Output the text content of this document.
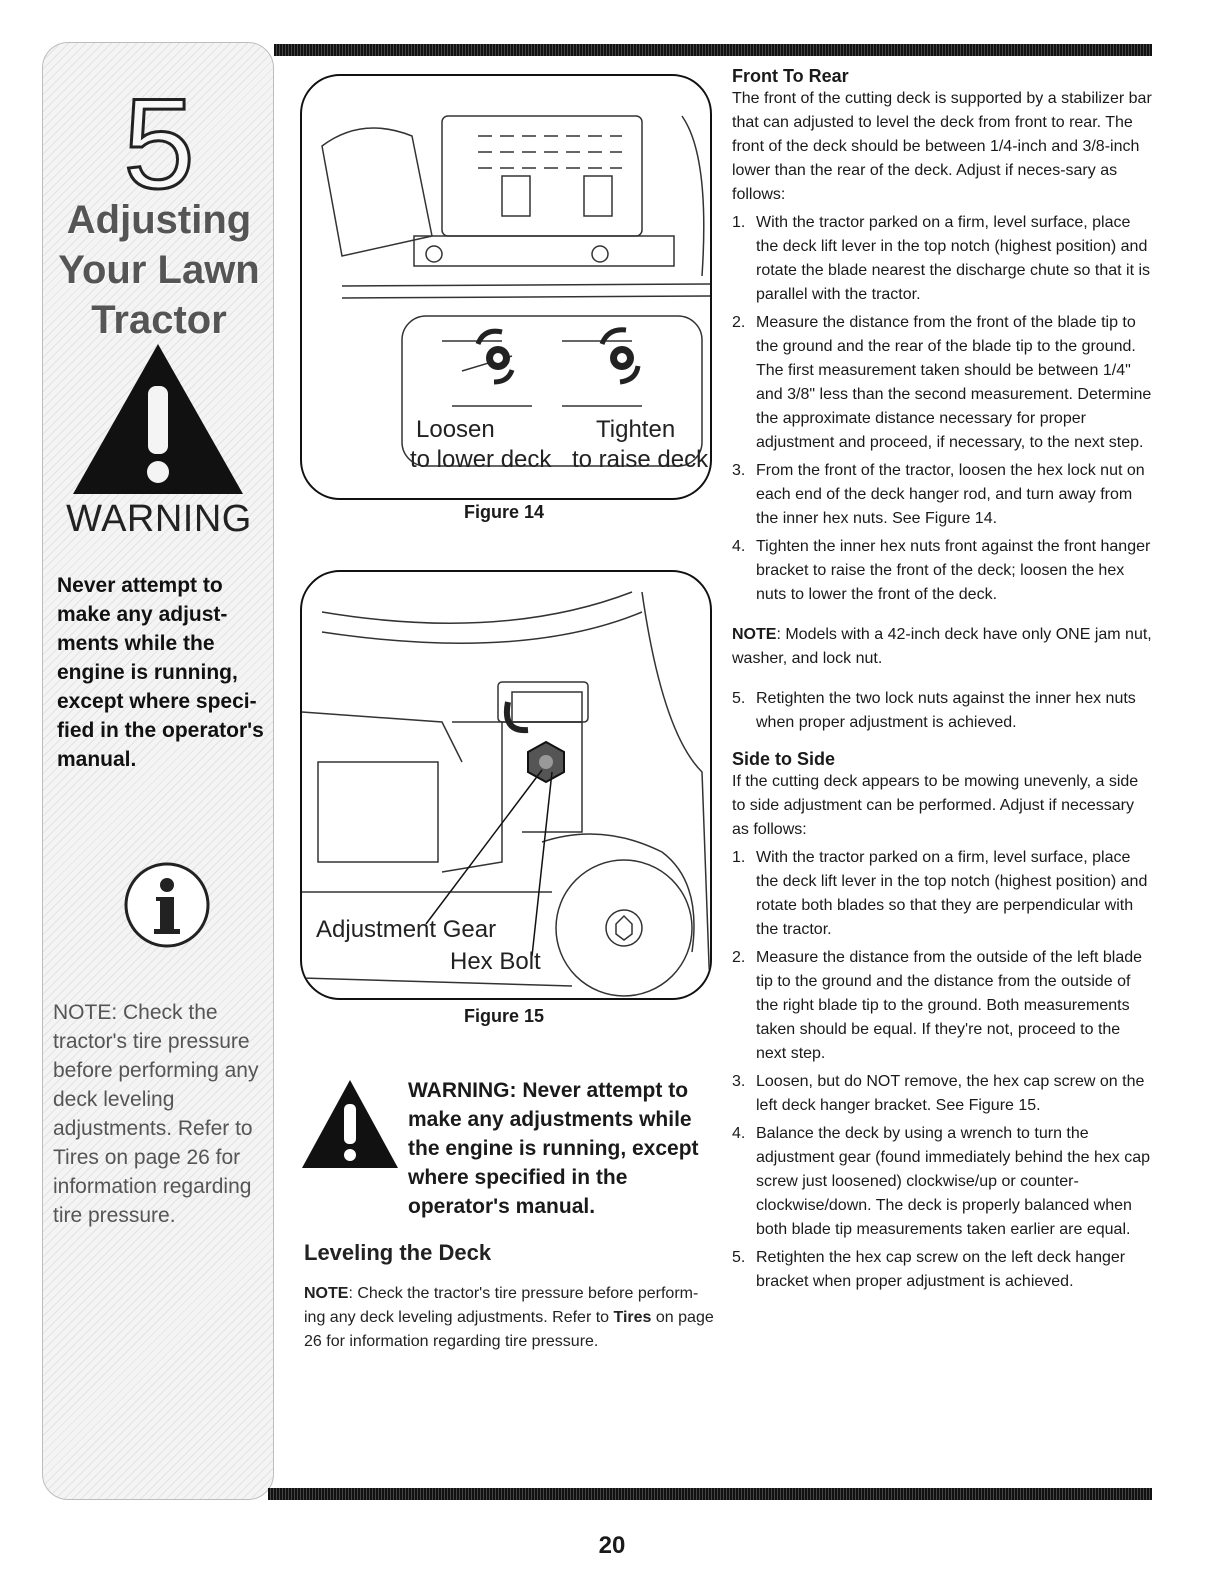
5
Adjusting
Your Lawn
Tractor
WARNING
Never attempt to make any adjust-ments while the engine is running, except where speci-fied in the operator's manual.
NOTE: Check the tractor's tire pressure before performing any deck leveling adjustments. Refer to Tires on page 26 for information regarding tire pressure.
Loosen
to lower deck
Tighten
to raise deck
Figure 14
Adjustment Gear
Hex Bolt
Figure 15
WARNING: Never attempt to make any adjustments while the engine is running, except where specified in the operator's manual.
Leveling the Deck
NOTE: Check the tractor's tire pressure before perform-ing any deck leveling adjustments. Refer to Tires on page 26 for information regarding tire pressure.

Front To Rear

The front of the cutting deck is supported by a stabilizer bar that can adjusted to level the deck from front to rear. The front of the deck should be between 1/4-inch and 3/8-inch lower than the rear of the deck. Adjust if neces-sary as follows:

1. With the tractor parked on a firm, level surface, place the deck lift lever in the top notch (highest position) and rotate the blade nearest the discharge chute so that it is parallel with the tractor.
2. Measure the distance from the front of the blade tip to the ground and the rear of the blade tip to the ground. The first measurement taken should be between 1/4" and 3/8" less than the second measurement. Determine the approximate distance necessary for proper adjustment and proceed, if necessary, to the next step.
3. From the front of the tractor, loosen the hex lock nut on each end of the deck hanger rod, and turn away from the inner hex nuts. See Figure 14.
4. Tighten the inner hex nuts front against the front hanger bracket to raise the front of the deck; loosen the hex nuts to lower the front of the deck.

NOTE: Models with a 42-inch deck have only ONE jam nut, washer, and lock nut.

5. Retighten the two lock nuts against the inner hex nuts when proper adjustment is achieved.

Side to Side

If the cutting deck appears to be mowing unevenly, a side to side adjustment can be performed. Adjust if necessary as follows:

1. With the tractor parked on a firm, level surface, place the deck lift lever in the top notch (highest position) and rotate both blades so that they are perpendicular with the tractor.
2. Measure the distance from the outside of the left blade tip to the ground and the distance from the outside of the right blade tip to the ground. Both measurements taken should be equal. If they're not, proceed to the next step.
3. Loosen, but do NOT remove, the hex cap screw on the left deck hanger bracket. See Figure 15.
4. Balance the deck by using a wrench to turn the adjustment gear (found immediately behind the hex cap screw just loosened) clockwise/up or counter-clockwise/down. The deck is properly balanced when both blade tip measurements taken earlier are equal.
5. Retighten the hex cap screw on the left deck hanger bracket when proper adjustment is achieved.
20
